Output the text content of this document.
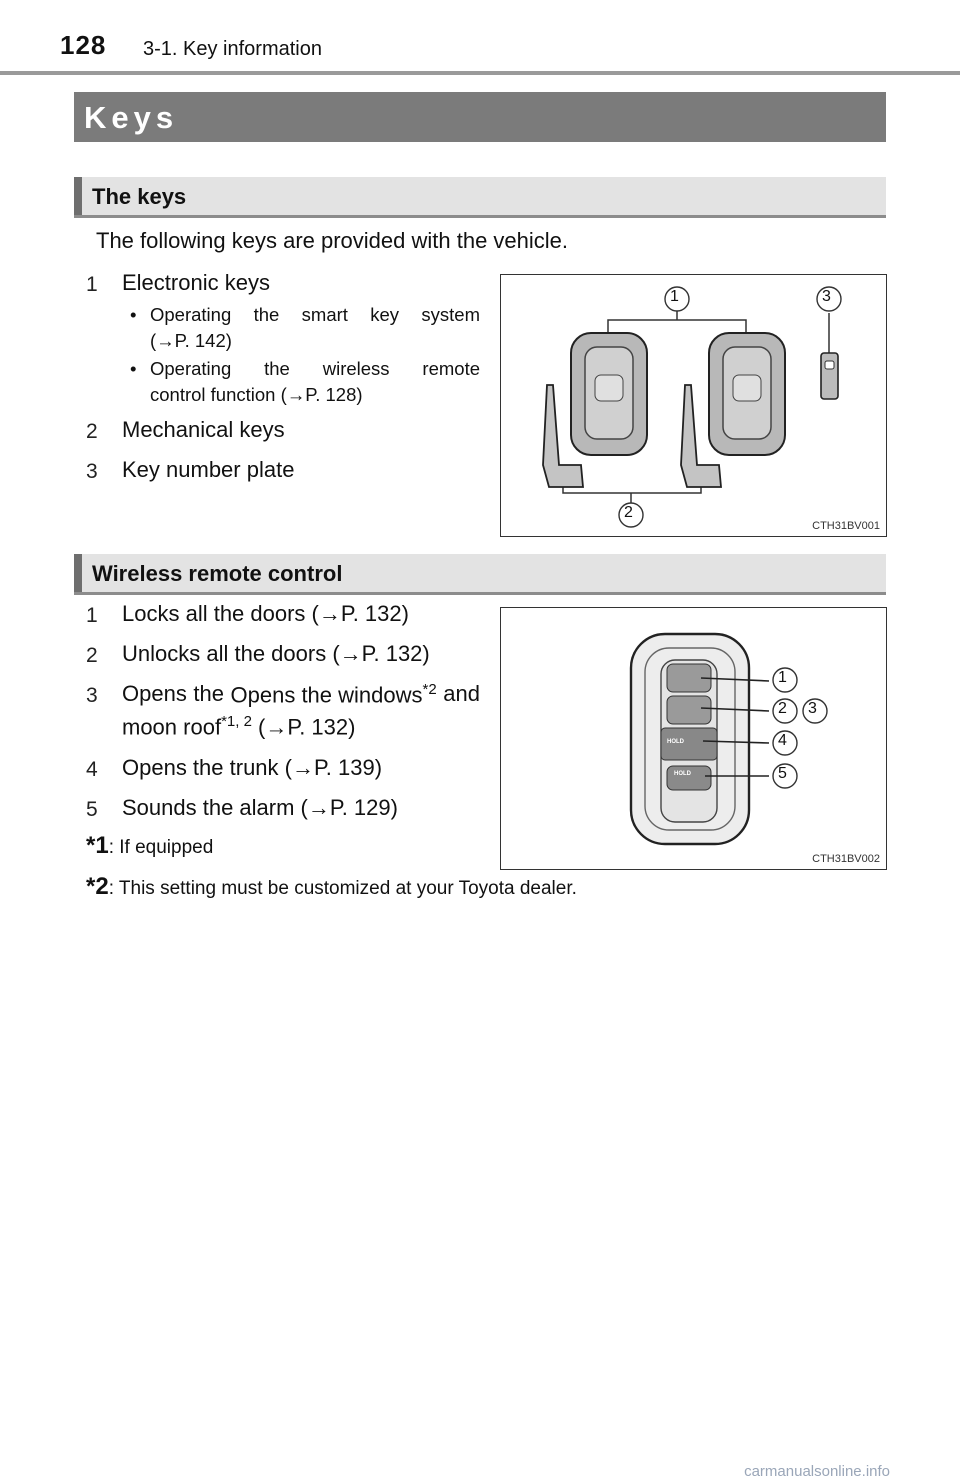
128 3-1. Key information
Keys
The keys
The following keys are provided with the vehicle.
1 Electronic keys
• Operating the smart key system
(→P. 142)
• Operating the wireless remote
control function (→P. 128)
2 Mechanical keys
3 Key number plate
1	3
2
CTH31BV001
Wireless remote control
1 Locks all the doors (→P. 132)
2 Unlocks all the doors (→P. 132)
3 Opens the Opens the windows$^{*2}$ and
moon roof$^{*1, 2}$ (→P. 132)
4 Opens the trunk (→P. 139)
5 Sounds the alarm (→P. 129)
HOLD
HOLD
1
2 3
4
5
CTH31BV002
*1: If equipped
*2: This setting must be customized at your Toyota dealer.
carmanualsonline.info
